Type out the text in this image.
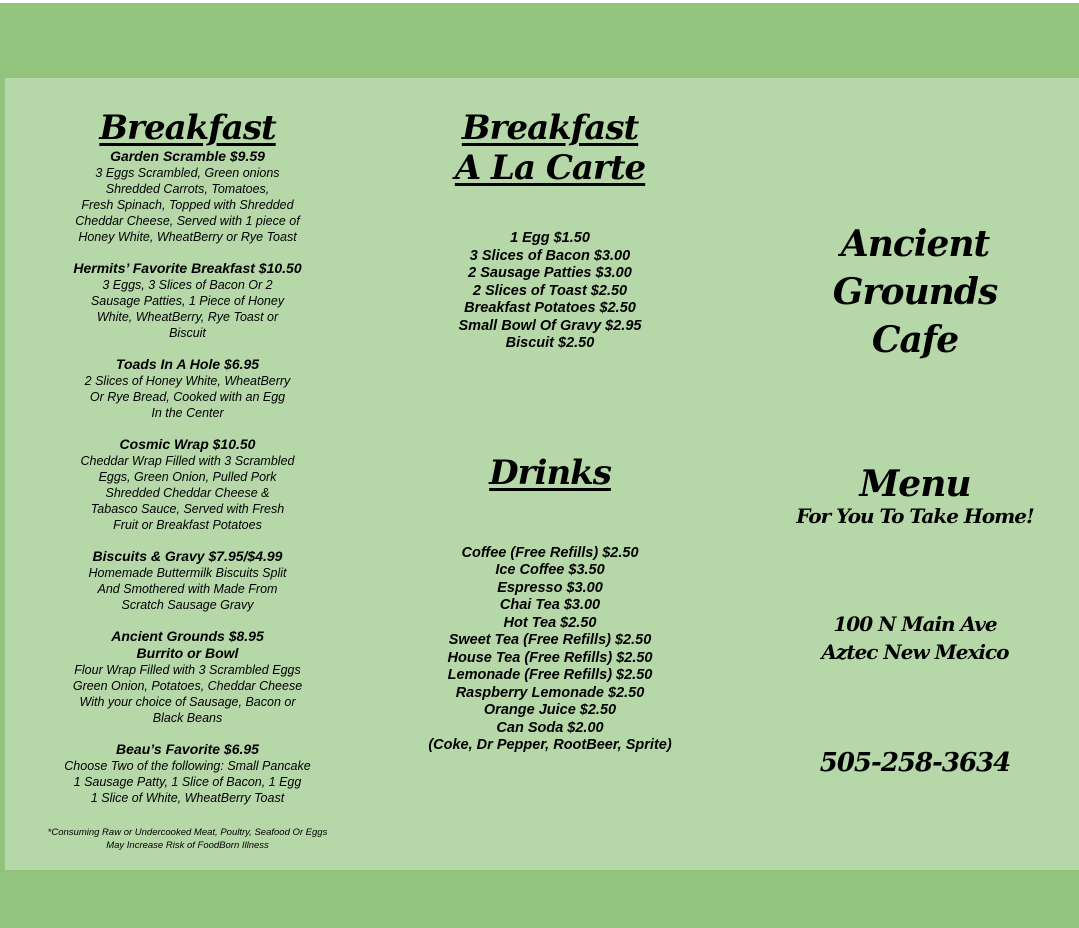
Breakfast
Garden Scramble $9.59
3 Eggs Scrambled, Green onions
Shredded Carrots, Tomatoes,
Fresh Spinach, Topped with Shredded
Cheddar Cheese, Served with 1 piece of
Honey White, WheatBerry or Rye Toast
Hermits’ Favorite Breakfast $10.50
3 Eggs, 3 Slices of Bacon Or 2
Sausage Patties, 1 Piece of Honey
White, WheatBerry, Rye Toast or
Biscuit
Toads In A Hole $6.95
2 Slices of Honey White, WheatBerry
Or Rye Bread, Cooked with an Egg
In the Center
Cosmic Wrap $10.50
Cheddar Wrap Filled with 3 Scrambled
Eggs, Green Onion, Pulled Pork
Shredded Cheddar Cheese &
Tabasco Sauce, Served with Fresh
Fruit or Breakfast Potatoes
Biscuits & Gravy $7.95/$4.99
Homemade Buttermilk Biscuits Split
And Smothered with Made From
Scratch Sausage Gravy
Ancient Grounds $8.95
Burrito or Bowl
Flour Wrap Filled with 3 Scrambled Eggs
Green Onion, Potatoes, Cheddar Cheese
With your choice of Sausage, Bacon or
Black Beans
Beau’s Favorite $6.95
Choose Two of the following: Small Pancake
1 Sausage Patty, 1 Slice of Bacon, 1 Egg
1 Slice of White, WheatBerry Toast
*Consuming Raw or Undercooked Meat, Poultry, Seafood Or Eggs
May Increase Risk of FoodBorn Illness
Breakfast
A La Carte
1 Egg $1.50
3 Slices of Bacon $3.00
2 Sausage Patties $3.00
2 Slices of Toast $2.50
Breakfast Potatoes $2.50
Small Bowl Of Gravy $2.95
Biscuit $2.50
Drinks
Coffee (Free Refills) $2.50
Ice Coffee $3.50
Espresso $3.00
Chai Tea $3.00
Hot Tea $2.50
Sweet Tea (Free Refills) $2.50
House Tea (Free Refills) $2.50
Lemonade (Free Refills) $2.50
Raspberry Lemonade $2.50
Orange Juice $2.50
Can Soda $2.00
(Coke, Dr Pepper, RootBeer, Sprite)
Ancient Grounds
Cafe
Menu
For You To Take Home!
100 N Main Ave
Aztec New Mexico
505-258-3634
